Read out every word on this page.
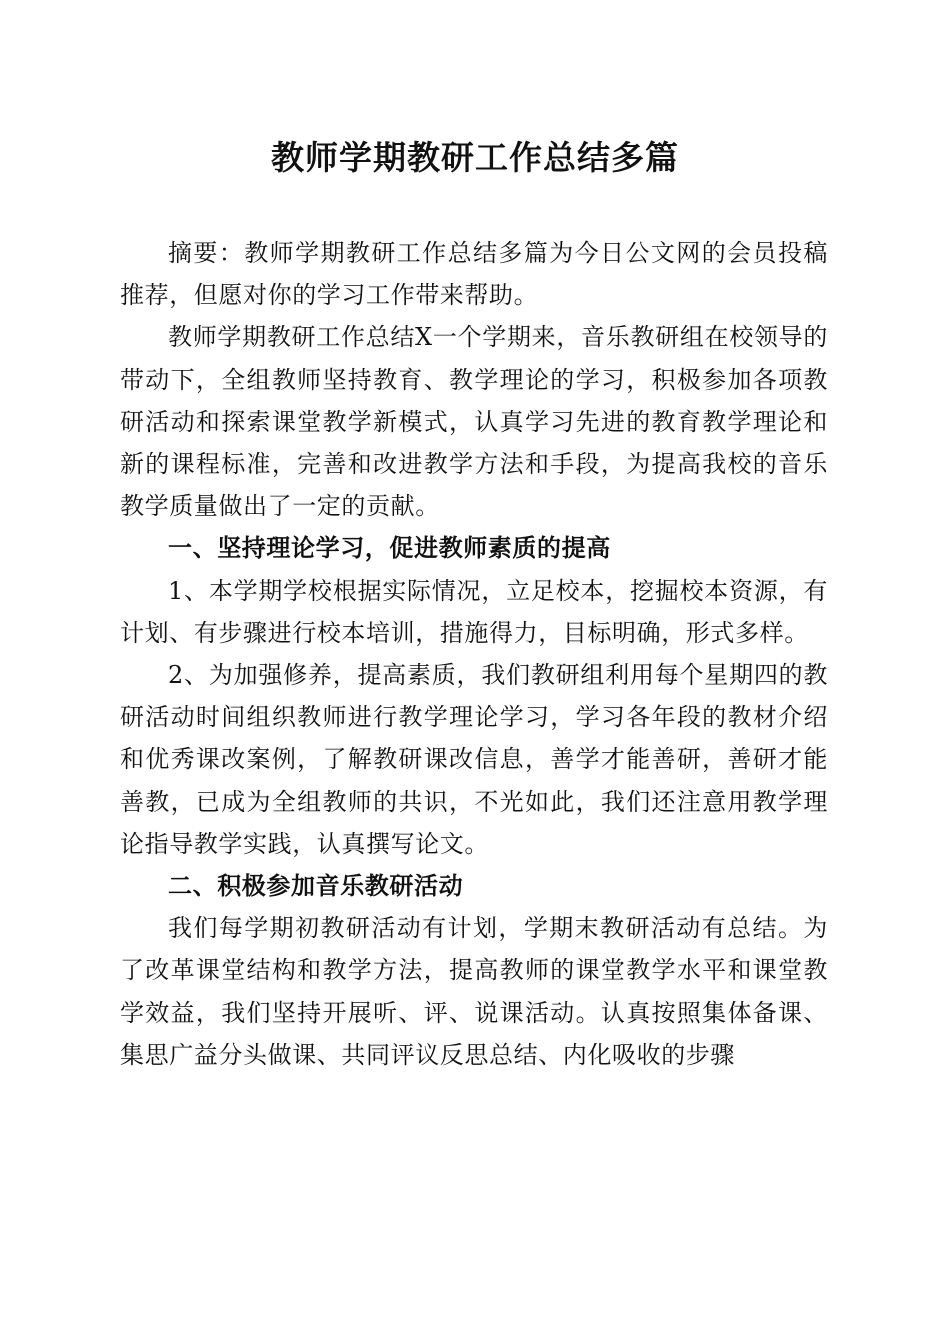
教师学期教研工作总结多篇

摘要：教师学期教研工作总结多篇为今日公文网的会员投稿推荐，但愿对你的学习工作带来帮助。

教师学期教研工作总结X一个学期来，音乐教研组在校领导的带动下，全组教师坚持教育、教学理论的学习，积极参加各项教研活动和探索课堂教学新模式，认真学习先进的教育教学理论和新的课程标准，完善和改进教学方法和手段，为提高我校的音乐教学质量做出了一定的贡献。

一、坚持理论学习，促进教师素质的提高

1、本学期学校根据实际情况，立足校本，挖掘校本资源，有计划、有步骤进行校本培训，措施得力，目标明确，形式多样。

2、为加强修养，提高素质，我们教研组利用每个星期四的教研活动时间组织教师进行教学理论学习，学习各年段的教材介绍和优秀课改案例，了解教研课改信息，善学才能善研，善研才能善教，已成为全组教师的共识，不光如此，我们还注意用教学理论指导教学实践，认真撰写论文。

二、积极参加音乐教研活动

我们每学期初教研活动有计划，学期末教研活动有总结。为了改革课堂结构和教学方法，提高教师的课堂教学水平和课堂教学效益，我们坚持开展听、评、说课活动。认真按照集体备课、集思广益分头做课、共同评议反思总结、内化吸收的步骤
